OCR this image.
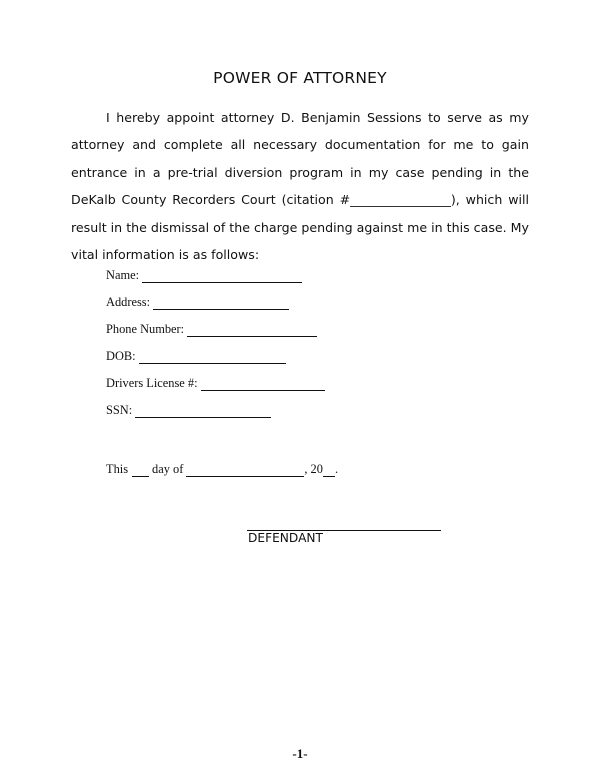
POWER OF ATTORNEY
I hereby appoint attorney D. Benjamin Sessions to serve as my attorney and complete all necessary documentation for me to gain entrance in a pre-trial diversion program in my case pending in the DeKalb County Recorders Court (citation #________________), which will result in the dismissal of the charge pending against me in this case. My vital information is as follows:
Name:
Address:
Phone Number:
DOB:
Drivers License #:
SSN:
This day of	, 20 .
DEFENDANT
-1-
